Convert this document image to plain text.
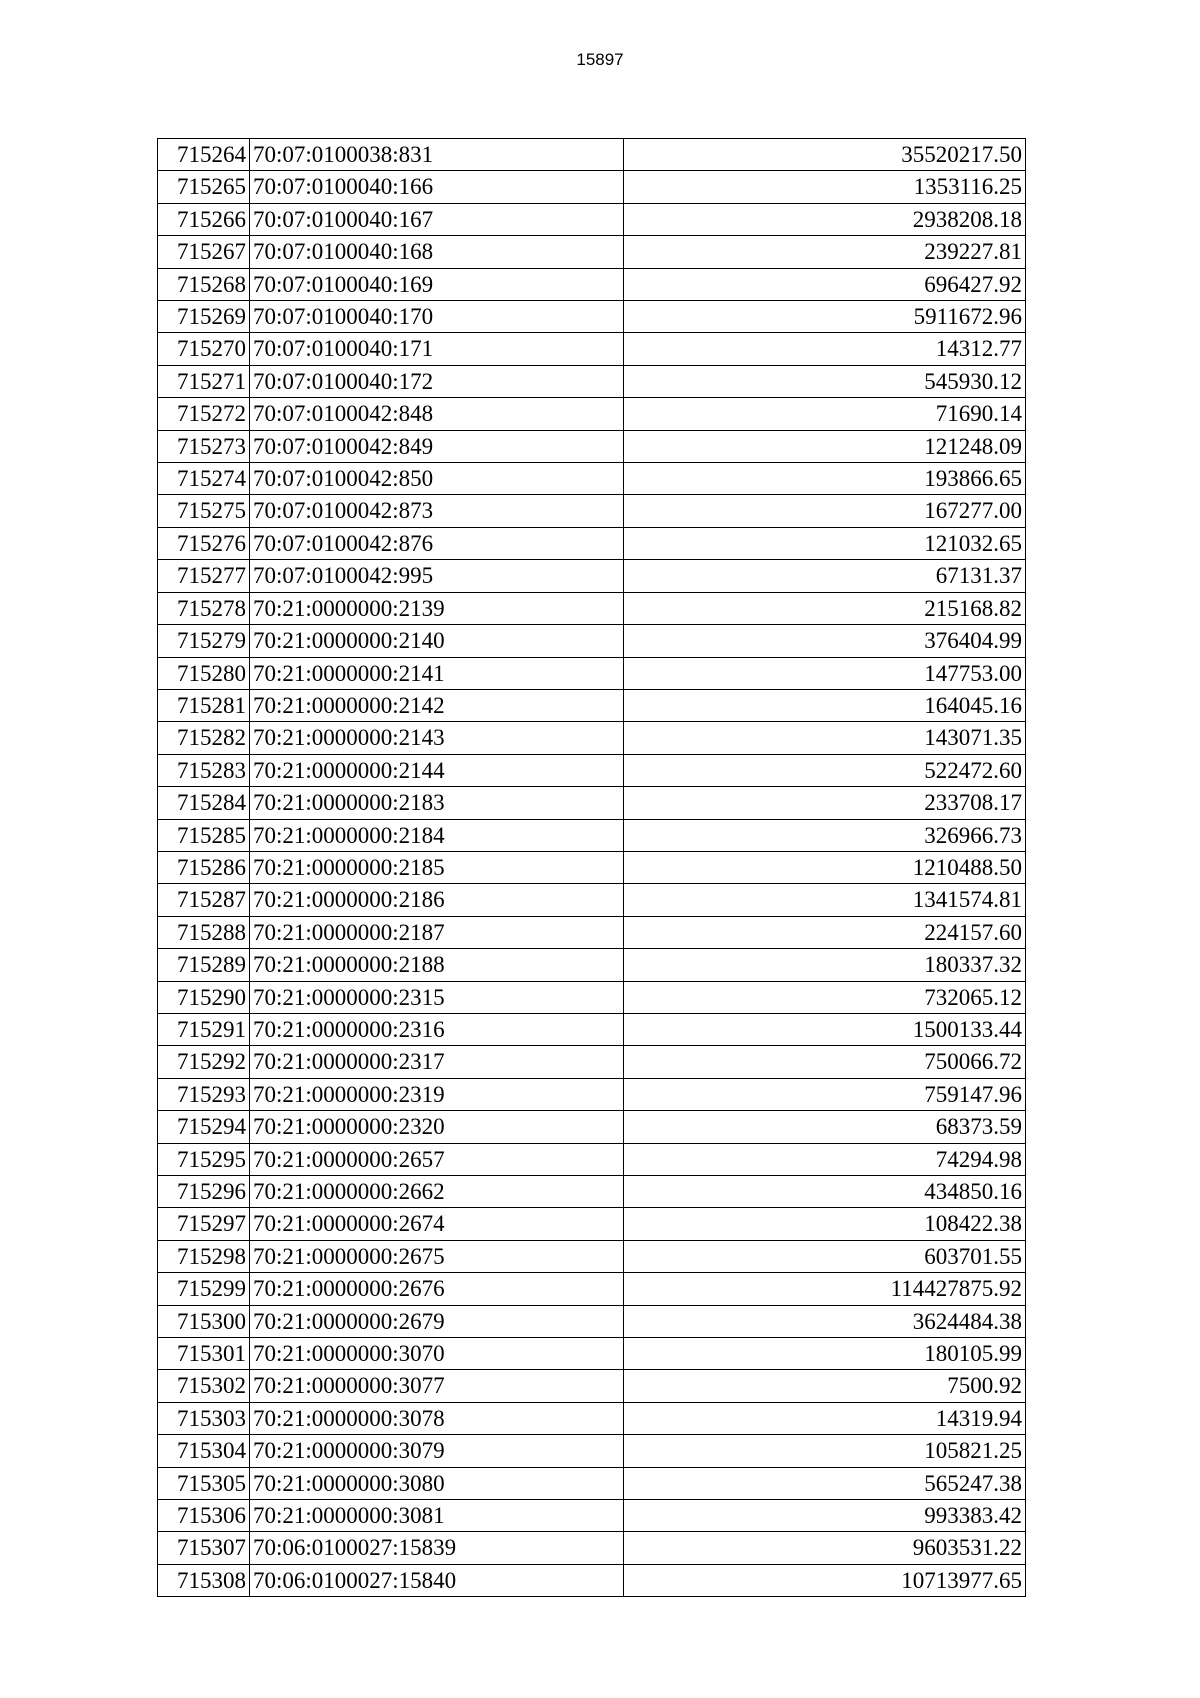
15897
715264	70:07:0100038:831	35520217.50
715265	70:07:0100040:166	1353116.25
715266	70:07:0100040:167	2938208.18
715267	70:07:0100040:168	239227.81
715268	70:07:0100040:169	696427.92
715269	70:07:0100040:170	5911672.96
715270	70:07:0100040:171	14312.77
715271	70:07:0100040:172	545930.12
715272	70:07:0100042:848	71690.14
715273	70:07:0100042:849	121248.09
715274	70:07:0100042:850	193866.65
715275	70:07:0100042:873	167277.00
715276	70:07:0100042:876	121032.65
715277	70:07:0100042:995	67131.37
715278	70:21:0000000:2139	215168.82
715279	70:21:0000000:2140	376404.99
715280	70:21:0000000:2141	147753.00
715281	70:21:0000000:2142	164045.16
715282	70:21:0000000:2143	143071.35
715283	70:21:0000000:2144	522472.60
715284	70:21:0000000:2183	233708.17
715285	70:21:0000000:2184	326966.73
715286	70:21:0000000:2185	1210488.50
715287	70:21:0000000:2186	1341574.81
715288	70:21:0000000:2187	224157.60
715289	70:21:0000000:2188	180337.32
715290	70:21:0000000:2315	732065.12
715291	70:21:0000000:2316	1500133.44
715292	70:21:0000000:2317	750066.72
715293	70:21:0000000:2319	759147.96
715294	70:21:0000000:2320	68373.59
715295	70:21:0000000:2657	74294.98
715296	70:21:0000000:2662	434850.16
715297	70:21:0000000:2674	108422.38
715298	70:21:0000000:2675	603701.55
715299	70:21:0000000:2676	114427875.92
715300	70:21:0000000:2679	3624484.38
715301	70:21:0000000:3070	180105.99
715302	70:21:0000000:3077	7500.92
715303	70:21:0000000:3078	14319.94
715304	70:21:0000000:3079	105821.25
715305	70:21:0000000:3080	565247.38
715306	70:21:0000000:3081	993383.42
715307	70:06:0100027:15839	9603531.22
715308	70:06:0100027:15840	10713977.65
